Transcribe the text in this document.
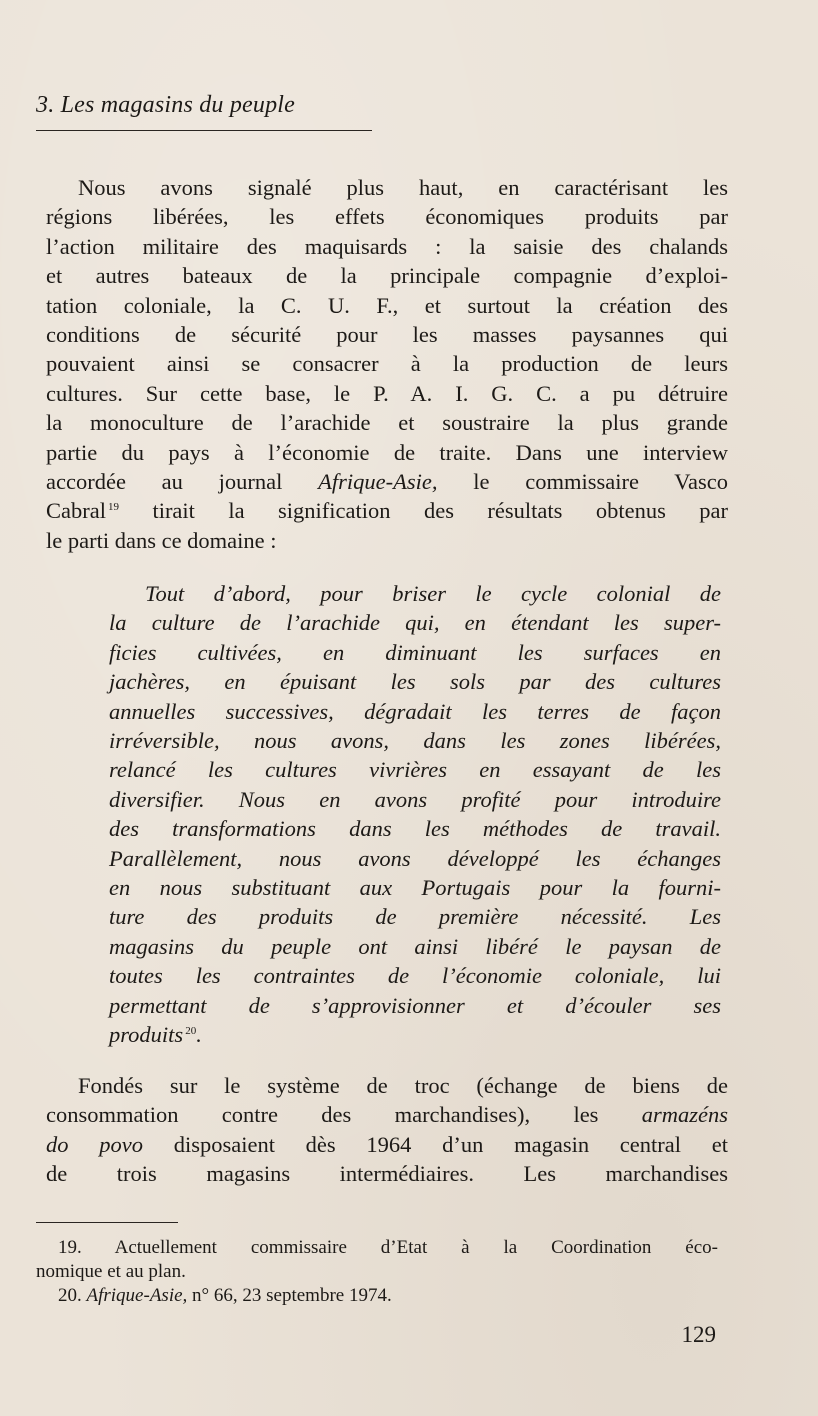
3. Les magasins du peuple
Nous avons signalé plus haut, en caractérisant les
régions libérées, les effets économiques produits par
l’action militaire des maquisards : la saisie des chalands
et autres bateaux de la principale compagnie d’exploi-
tation coloniale, la C. U. F., et surtout la création des
conditions de sécurité pour les masses paysannes qui
pouvaient ainsi se consacrer à la production de leurs
cultures. Sur cette base, le P. A. I. G. C. a pu détruire
la monoculture de l’arachide et soustraire la plus grande
partie du pays à l’économie de traite. Dans une interview
accordée au journal Afrique-Asie, le commissaire Vasco
Cabral $^{19}$ tirait la signification des résultats obtenus par
le parti dans ce domaine :
Tout d’abord, pour briser le cycle colonial de
la culture de l’arachide qui, en étendant les super-
ficies cultivées, en diminuant les surfaces en
jachères, en épuisant les sols par des cultures
annuelles successives, dégradait les terres de façon
irréversible, nous avons, dans les zones libérées,
relancé les cultures vivrières en essayant de les
diversifier. Nous en avons profité pour introduire
des transformations dans les méthodes de travail.
Parallèlement, nous avons développé les échanges
en nous substituant aux Portugais pour la fourni-
ture des produits de première nécessité. Les
magasins du peuple ont ainsi libéré le paysan de
toutes les contraintes de l’économie coloniale, lui
permettant de s’approvisionner et d’écouler ses
produits $^{20}$.
Fondés sur le système de troc (échange de biens de
consommation contre des marchandises), les armazéns
do povo disposaient dès 1964 d’un magasin central et
de trois magasins intermédiaires. Les marchandises
19. Actuellement commissaire d’Etat à la Coordination éco-
nomique et au plan.
20. Afrique-Asie, n° 66, 23 septembre 1974.
129
